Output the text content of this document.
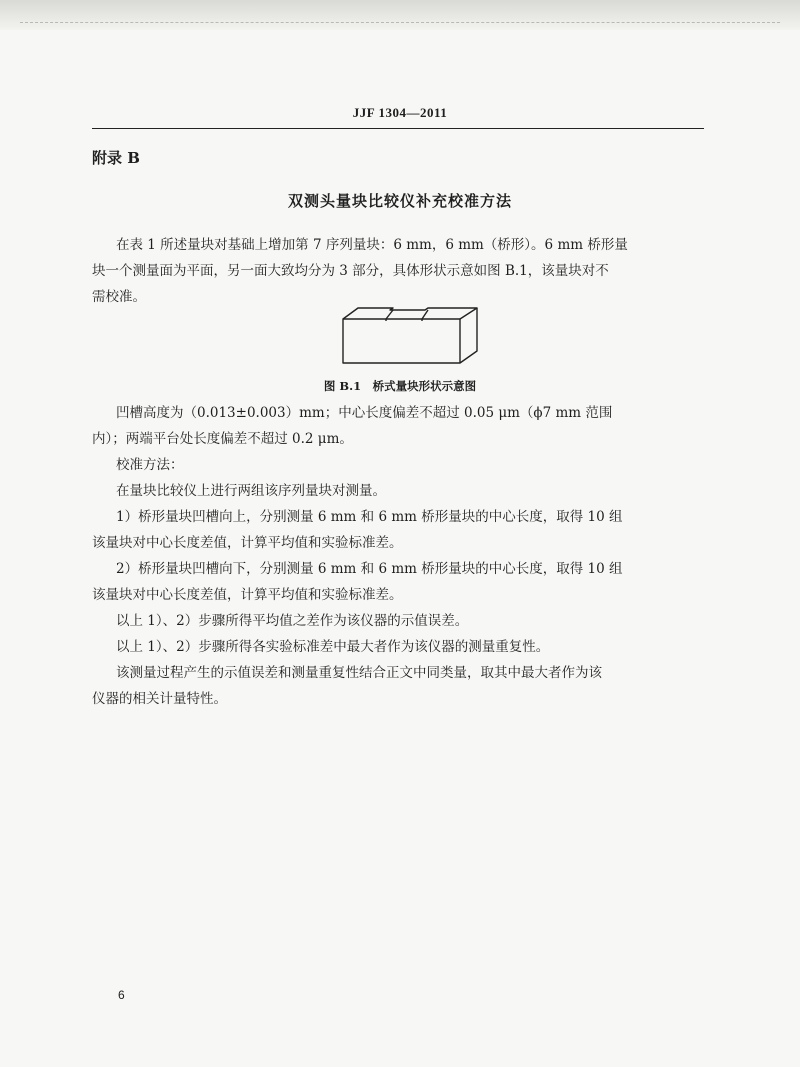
JJF 1304—2011
附录 B
双测头量块比较仪补充校准方法
在表 1 所述量块对基础上增加第 7 序列量块：6 mm，6 mm（桥形）。6 mm 桥形量
块一个测量面为平面，另一面大致均分为 3 部分，具体形状示意如图 B.1，该量块对不
需校准。
图 B.1　桥式量块形状示意图
凹槽高度为（0.013±0.003）mm；中心长度偏差不超过 0.05 μm（ϕ7 mm 范围
内）；两端平台处长度偏差不超过 0.2 μm。
校准方法：
在量块比较仪上进行两组该序列量块对测量。
1）桥形量块凹槽向上，分别测量 6 mm 和 6 mm 桥形量块的中心长度，取得 10 组
该量块对中心长度差值，计算平均值和实验标准差。
2）桥形量块凹槽向下，分别测量 6 mm 和 6 mm 桥形量块的中心长度，取得 10 组
该量块对中心长度差值，计算平均值和实验标准差。
以上 1）、2）步骤所得平均值之差作为该仪器的示值误差。
以上 1）、2）步骤所得各实验标准差中最大者作为该仪器的测量重复性。
该测量过程产生的示值误差和测量重复性结合正文中同类量，取其中最大者作为该
仪器的相关计量特性。
6
